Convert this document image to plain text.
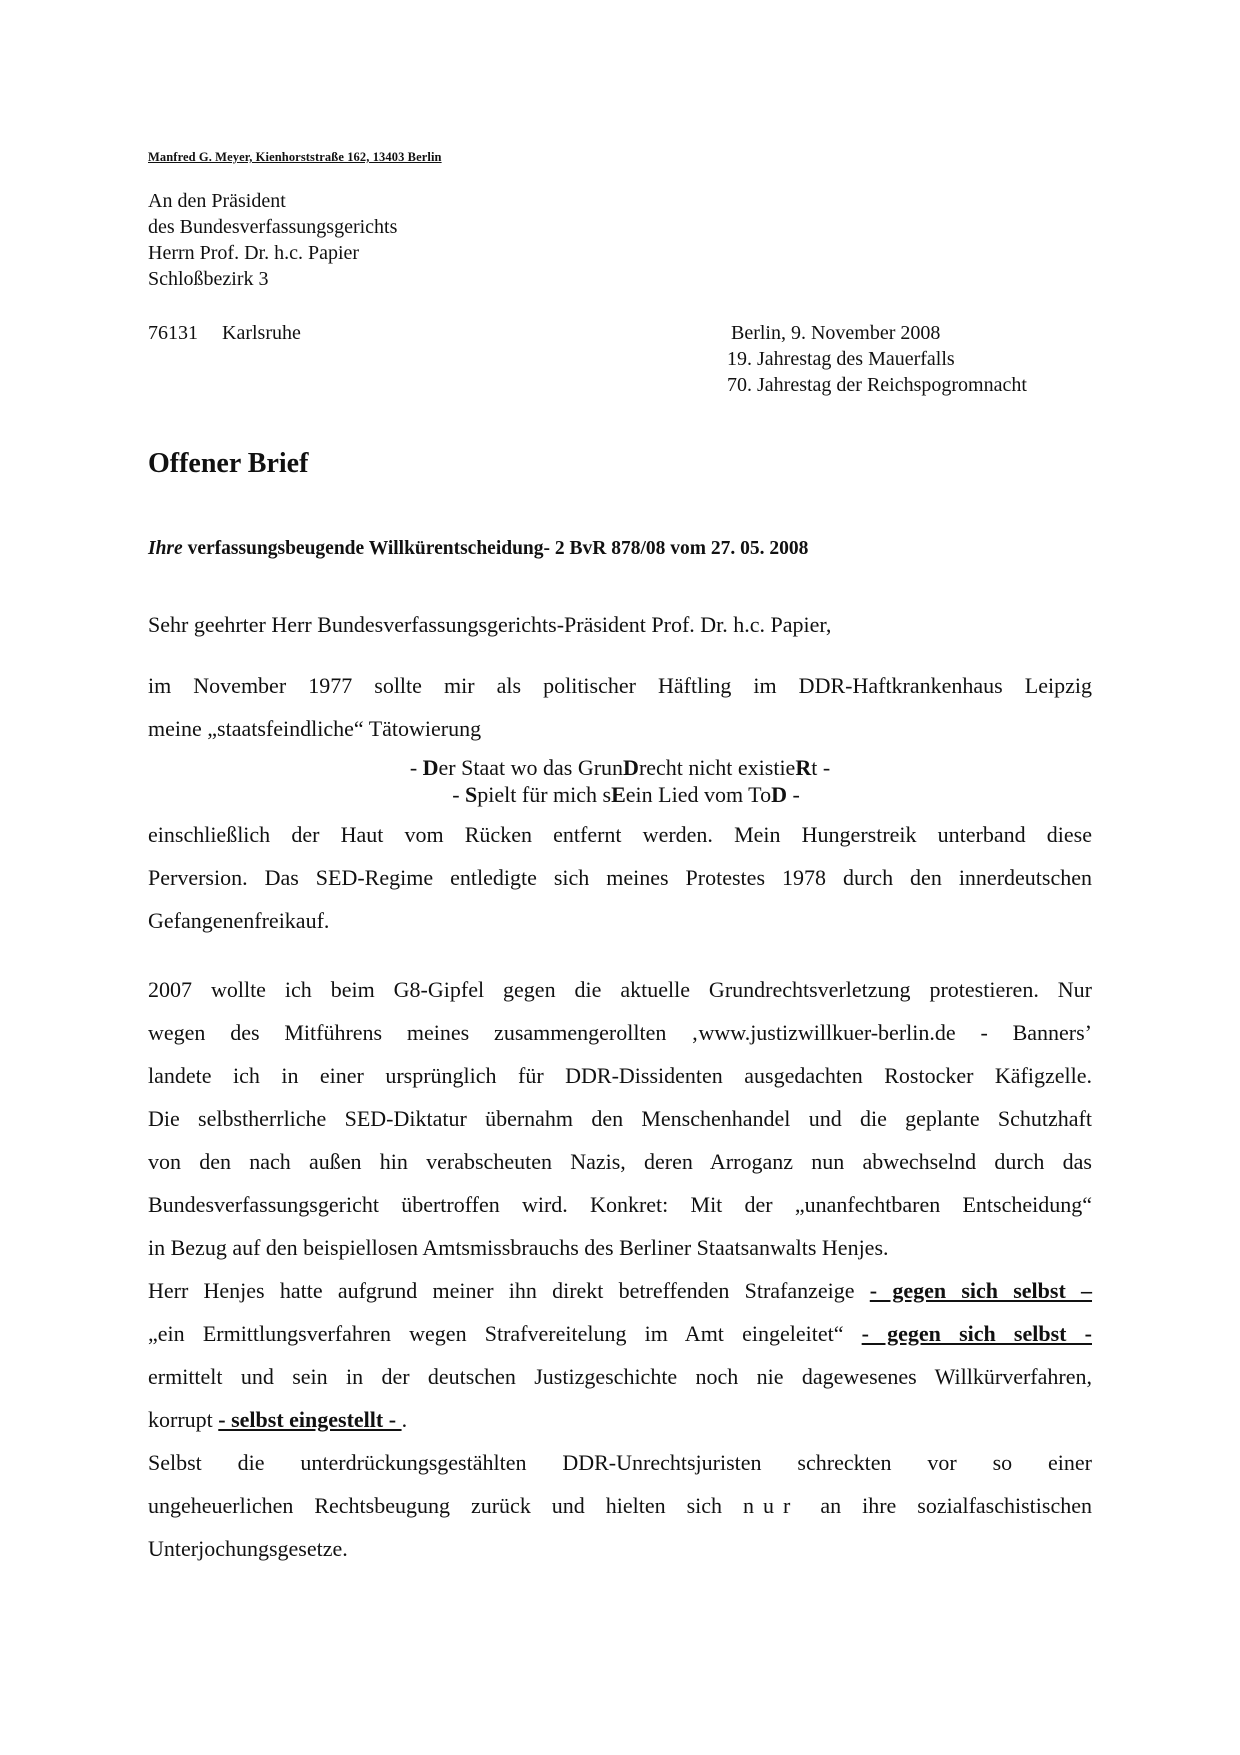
Manfred G. Meyer, Kienhorststraße 162, 13403 Berlin
An den Präsident
des Bundesverfassungsgerichts
Herrn Prof. Dr. h.c. Papier
Schloßbezirk 3
76131 Karlsruhe	Berlin, 9. November 2008
19. Jahrestag des Mauerfalls
70. Jahrestag der Reichspogromnacht
Offener Brief
Ihre verfassungsbeugende Willkürentscheidung- 2 BvR 878/08 vom 27. 05. 2008
Sehr geehrter Herr Bundesverfassungsgerichts-Präsident Prof. Dr. h.c. Papier,
im November 1977 sollte mir als politischer Häftling im DDR-Haftkrankenhaus Leipzig
meine „staatsfeindliche“ Tätowierung
- Der Staat wo das GrunDrecht nicht existieRt -
- Spielt für mich sEein Lied vom ToD -
einschließlich der Haut vom Rücken entfernt werden. Mein Hungerstreik unterband diese
Perversion. Das SED-Regime entledigte sich meines Protestes 1978 durch den innerdeutschen
Gefangenenfreikauf.
2007 wollte ich beim G8-Gipfel gegen die aktuelle Grundrechtsverletzung protestieren. Nur
wegen des Mitführens meines zusammengerollten ‚www.justizwillkuer-berlin.de - Banners’
landete ich in einer ursprünglich für DDR-Dissidenten ausgedachten Rostocker Käfigzelle.
Die selbstherrliche SED-Diktatur übernahm den Menschenhandel und die geplante Schutzhaft
von den nach außen hin verabscheuten Nazis, deren Arroganz nun abwechselnd durch das
Bundesverfassungsgericht übertroffen wird. Konkret: Mit der „unanfechtbaren Entscheidung“
in Bezug auf den beispiellosen Amtsmissbrauchs des Berliner Staatsanwalts Henjes.
Herr Henjes hatte aufgrund meiner ihn direkt betreffenden Strafanzeige - gegen sich selbst –
„ein Ermittlungsverfahren wegen Strafvereitelung im Amt eingeleitet“ - gegen sich selbst -
ermittelt und sein in der deutschen Justizgeschichte noch nie dagewesenes Willkürverfahren,
korrupt - selbst eingestellt - .
Selbst die unterdrückungsgestählten DDR-Unrechtsjuristen schreckten vor so einer
ungeheuerlichen Rechtsbeugung zurück und hielten sich nur an ihre sozialfaschistischen
Unterjochungsgesetze.
